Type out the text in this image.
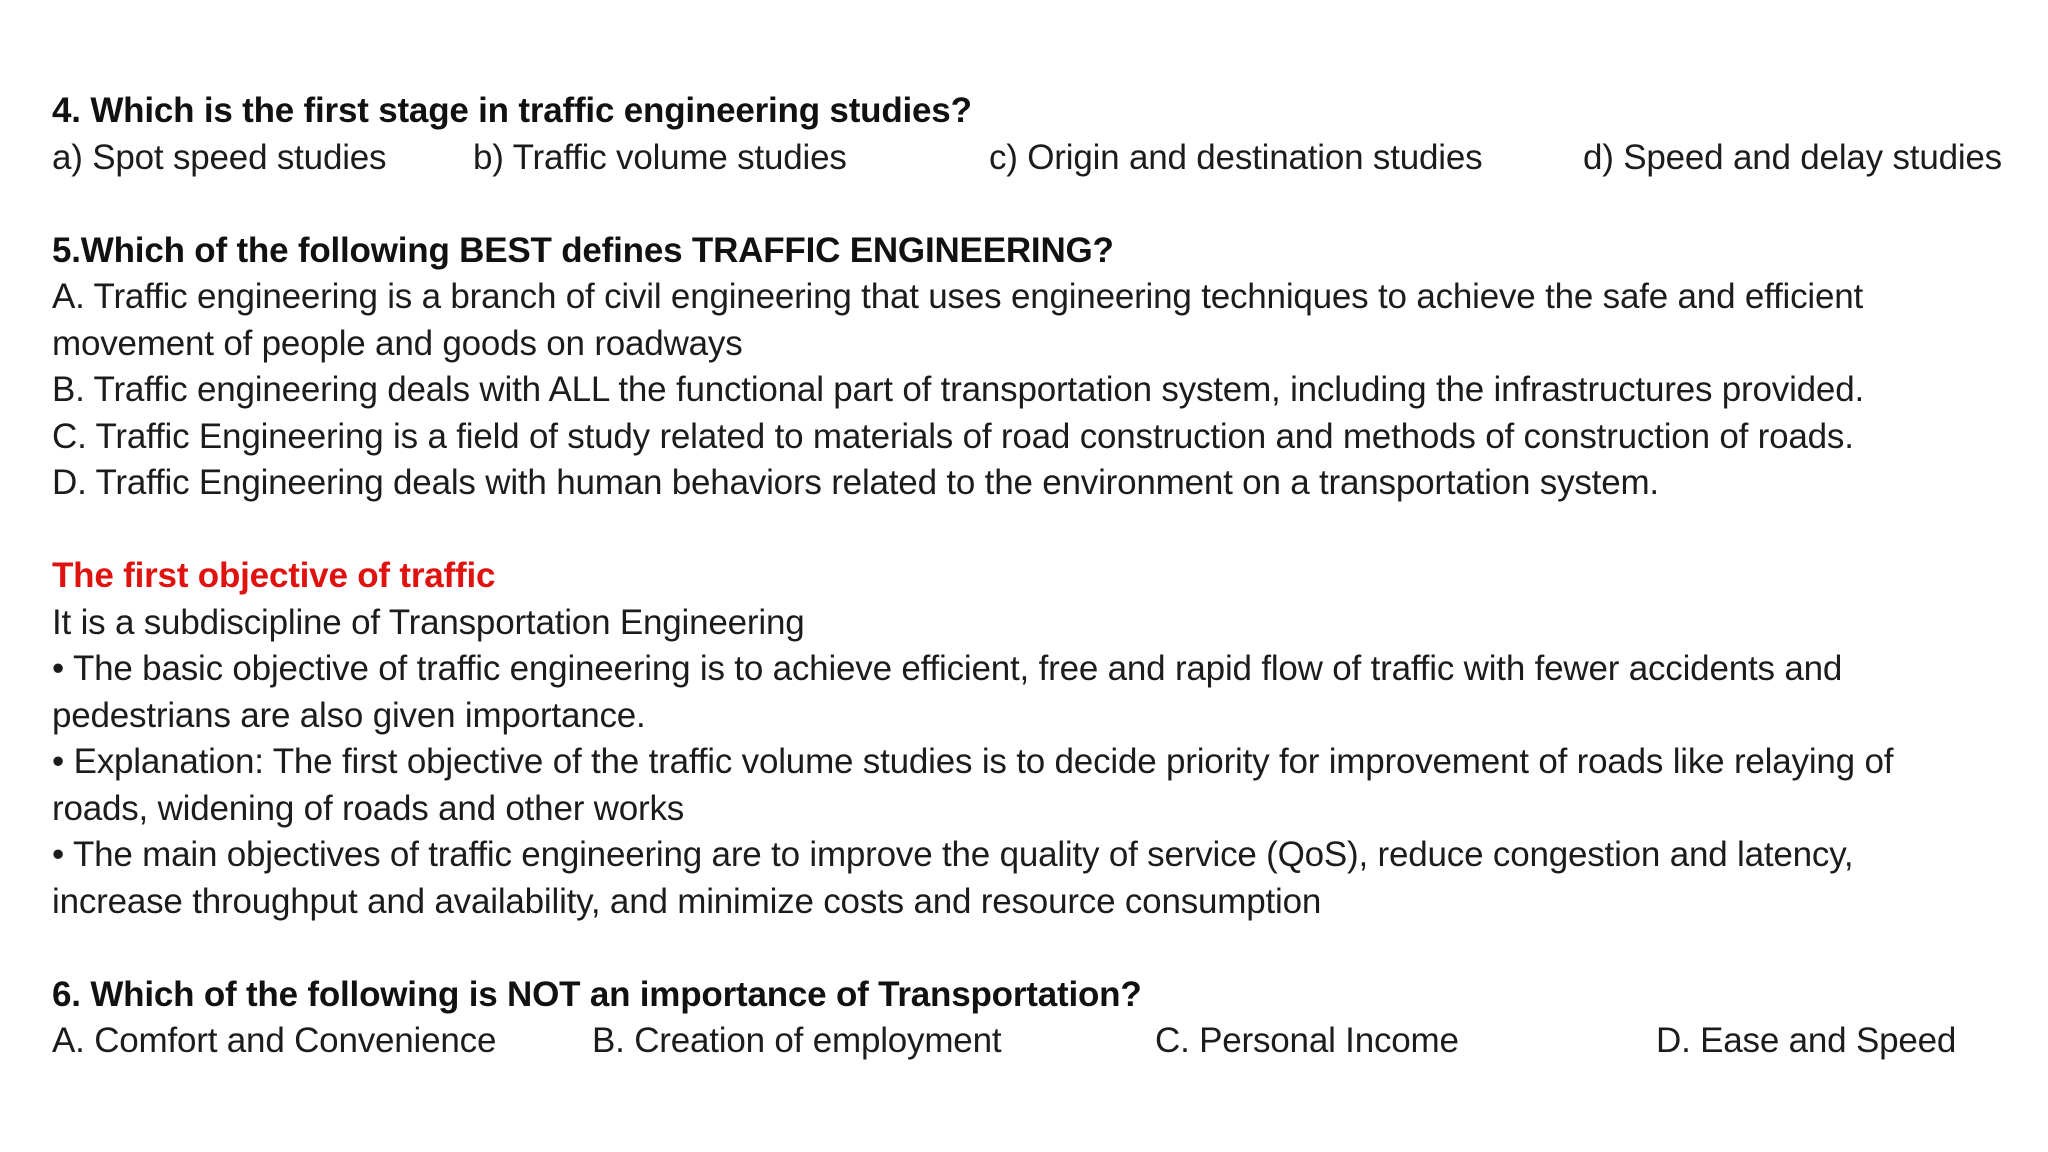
4. Which is the first stage in traffic engineering studies?
a) Spot speed studies b) Traffic volume studies	c) Origin and destination studies	d) Speed and delay studies
5.Which of the following BEST defines TRAFFIC ENGINEERING?
A. Traffic engineering is a branch of civil engineering that uses engineering techniques to achieve the safe and efficient
movement of people and goods on roadways
B. Traffic engineering deals with ALL the functional part of transportation system, including the infrastructures provided.
C. Traffic Engineering is a field of study related to materials of road construction and methods of construction of roads.
D. Traffic Engineering deals with human behaviors related to the environment on a transportation system.
The first objective of traffic
It is a subdiscipline of Transportation Engineering
• The basic objective of traffic engineering is to achieve efficient, free and rapid flow of traffic with fewer accidents and
pedestrians are also given importance.
• Explanation: The first objective of the traffic volume studies is to decide priority for improvement of roads like relaying of
roads, widening of roads and other works
• The main objectives of traffic engineering are to improve the quality of service (QoS), reduce congestion and latency,
increase throughput and availability, and minimize costs and resource consumption
6. Which of the following is NOT an importance of Transportation?
A. Comfort and Convenience	B. Creation of employment	C. Personal Income	D. Ease and Speed
